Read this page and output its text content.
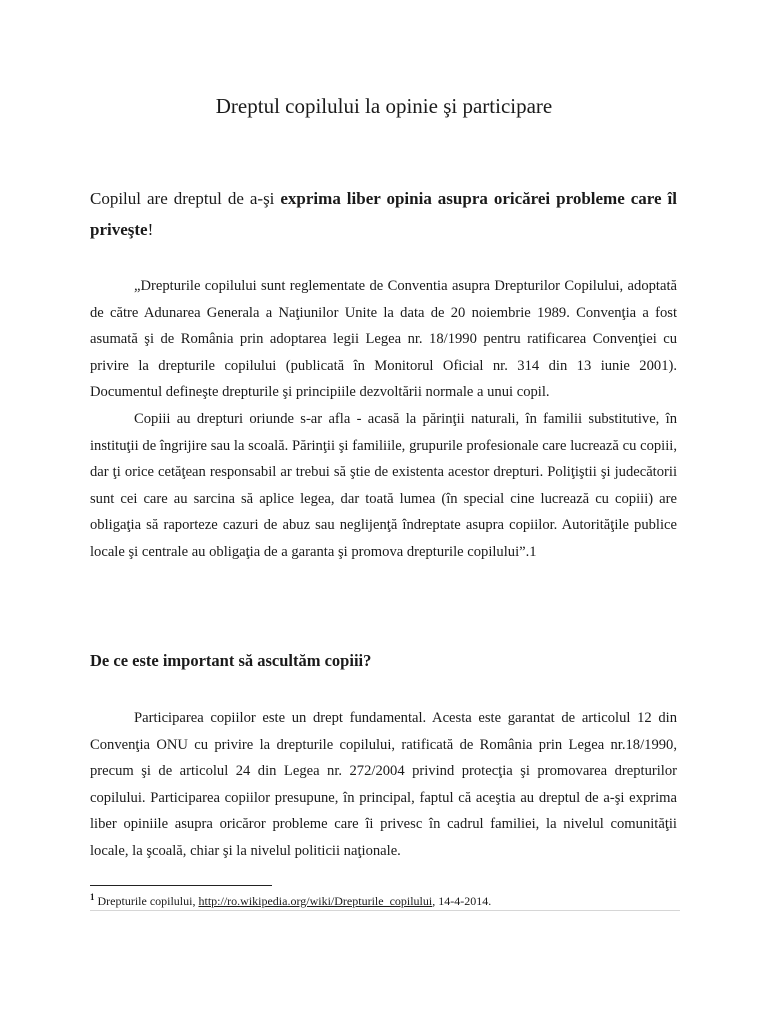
Dreptul copilului la opinie şi participare

Copilul are dreptul de a-şi exprima liber opinia asupra oricărei probleme care îl priveşte!

„Drepturile copilului sunt reglementate de Conventia asupra Drepturilor Copilului, adoptată de către Adunarea Generala a Naţiunilor Unite la data de 20 noiembrie 1989. Convenţia a fost asumată şi de România prin adoptarea legii Legea nr. 18/1990 pentru ratificarea Convenţiei cu privire la drepturile copilului (publicată în Monitorul Oficial nr. 314 din 13 iunie 2001). Documentul defineşte drepturile şi principiile dezvoltării normale a unui copil.

Copiii au drepturi oriunde s-ar afla - acasă la părinţii naturali, în familii substitutive, în instituţii de îngrijire sau la scoală. Părinţii şi familiile, grupurile profesionale care lucrează cu copiii, dar ţi orice cetăţean responsabil ar trebui să ştie de existenta acestor drepturi. Poliţiştii şi judecătorii sunt cei care au sarcina să aplice legea, dar toată lumea (în special cine lucrează cu copiii) are obligaţia să raporteze cazuri de abuz sau neglijenţă îndreptate asupra copiilor. Autorităţile publice locale şi centrale au obligaţia de a garanta şi promova drepturile copilului”.1

De ce este important să ascultăm copiii?

Participarea copiilor este un drept fundamental. Acesta este garantat de articolul 12 din Convenţia ONU cu privire la drepturile copilului, ratificată de România prin Legea nr.18/1990, precum şi de articolul 24 din Legea nr. 272/2004 privind protecţia şi promovarea drepturilor copilului. Participarea copiilor presupune, în principal, faptul că aceştia au dreptul de a-şi exprima liber opiniile asupra oricăror probleme care îi privesc în cadrul familiei, la nivelul comunităţii locale, la şcoală, chiar şi la nivelul politicii naţionale.

$^1$ Drepturile copilului, http://ro.wikipedia.org/wiki/Drepturile_copilului, 14-4-2014.
